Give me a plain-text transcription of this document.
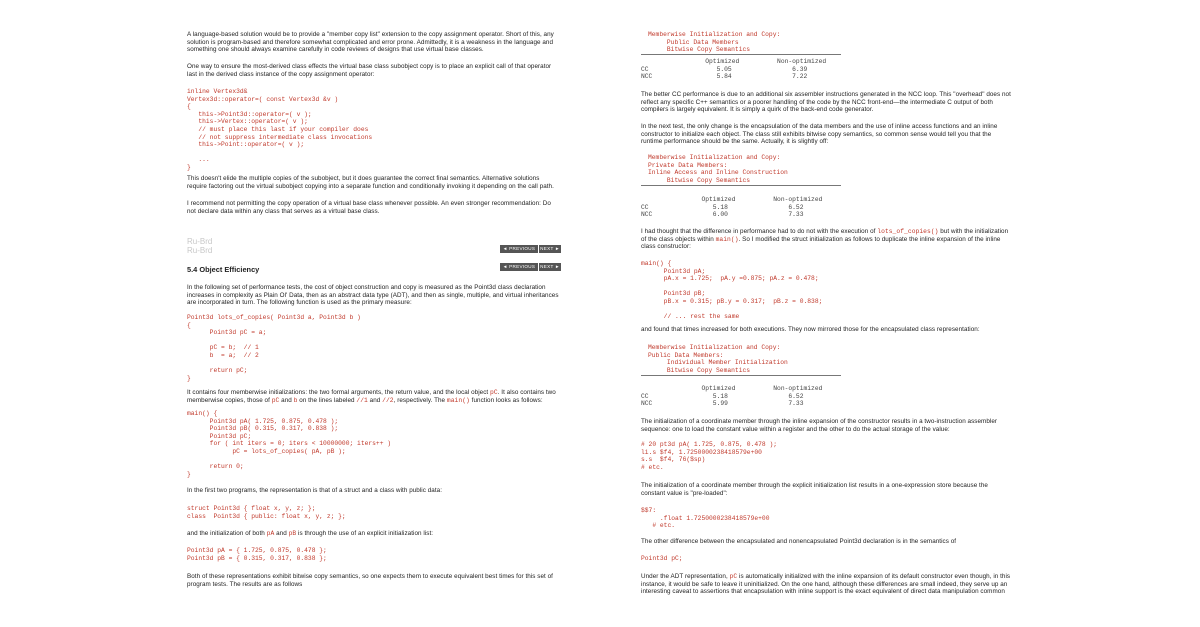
A language-based solution would be to provide a "member copy list" extension to the copy assignment operator. Short of this, any solution is program-based and therefore somewhat complicated and error prone. Admittedly, it is a weakness in the language and something one should always examine carefully in code reviews of designs that use virtual base classes.

One way to ensure the most-derived class effects the virtual base class subobject copy is to place an explicit call of that operator last in the derived class instance of the copy assignment operator:

inline Vertex3d&
Vertex3d::operator=( const Vertex3d &v )
{
this->Point3d::operator=( v );
this->Vertex::operator=( v );
// must place this last if your compiler does
// not suppress intermediate class invocations
this->Point::operator=( v );

...
}

This doesn't elide the multiple copies of the subobject, but it does guarantee the correct final semantics. Alternative solutions require factoring out the virtual subobject copying into a separate function and conditionally invoking it depending on the call path.

I recommend not permitting the copy operation of a virtual base class whenever possible. An even stronger recommendation: Do not declare data within any class that serves as a virtual base class.

Ru-Brd
Ru-Brd	◄ PREVIOUS NEXT ►
◄ PREVIOUS NEXT ►
5.4 Object Efficiency

In the following set of performance tests, the cost of object construction and copy is measured as the Point3d class declaration increases in complexity as Plain Ol' Data, then as an abstract data type (ADT), and then as single, multiple, and virtual inheritances are incorporated in turn. The following function is used as the primary measure:

Point3d lots_of_copies( Point3d a, Point3d b )
{
Point3d pC = a;

pC = b;  // 1
b  = a;  // 2

return pC;
}

It contains four memberwise initializations: the two formal arguments, the return value, and the local object pC. It also contains two memberwise copies, those of pC and b on the lines labeled //1 and //2, respectively. The main() function looks as follows:

main() {
Point3d pA( 1.725, 0.875, 0.478 );
Point3d pB( 0.315, 0.317, 0.838 );
Point3d pC;
for ( int iters = 0; iters < 10000000; iters++ )
pC = lots_of_copies( pA, pB );

return 0;
}

In the first two programs, the representation is that of a struct and a class with public data:

struct Point3d { float x, y, z; };
class  Point3d { public: float x, y, z; };

and the initialization of both pA and pB is through the use of an explicit initialization list:

Point3d pA = { 1.725, 0.875, 0.478 };
Point3d pB = { 0.315, 0.317, 0.838 };

Both of these representations exhibit bitwise copy semantics, so one expects them to execute equivalent best times for this set of program tests. The results are as follows

Memberwise Initialization and Copy:
Public Data Members
Bitwise Copy Semantics
Optimized          Non-optimized
CC                  5.05                6.39
NCC                 5.84                7.22

The better CC performance is due to an additional six assembler instructions generated in the NCC loop. This "overhead" does not reflect any specific C++ semantics or a poorer handling of the code by the NCC front-end—the intermediate C output of both compilers is largely equivalent. It is simply a quirk of the back-end code generator.

In the next test, the only change is the encapsulation of the data members and the use of inline access functions and an inline constructor to initialize each object. The class still exhibits bitwise copy semantics, so common sense would tell you that the runtime performance should be the same. Actually, it is slightly off:

Memberwise Initialization and Copy:
Private Data Members:
Inline Access and Inline Construction
Bitwise Copy Semantics
Optimized          Non-optimized
CC                 5.18                6.52
NCC                6.00                7.33

I had thought that the difference in performance had to do not with the execution of lots_of_copies() but with the initialization of the class objects within main(). So I modified the struct initialization as follows to duplicate the inline expansion of the inline class constructor:

main() {
Point3d pA;
pA.x = 1.725;  pA.y =0.875; pA.z = 0.478;

Point3d pB;
pB.x = 0.315; pB.y = 0.317;  pB.z = 0.838;

// ... rest the same

and found that times increased for both executions. They now mirrored those for the encapsulated class representation:

Memberwise Initialization and Copy:
Public Data Members:
Individual Member Initialization
Bitwise Copy Semantics
Optimized          Non-optimized
CC                 5.18                6.52
NCC                5.99                7.33

The initialization of a coordinate member through the inline expansion of the constructor results in a two-instruction assembler sequence: one to load the constant value within a register and the other to do the actual storage of the value:

# 20 pt3d pA( 1.725, 0.875, 0.478 );
li.s $f4, 1.7250000238418579e+00
s.s  $f4, 76($sp)
# etc.

The initialization of a coordinate member through the explicit initialization list results in a one-expression store because the constant value is "pre-loaded":

$$7:
.float 1.7250000238418579e+00
# etc.

The other difference between the encapsulated and nonencapsulated Point3d declaration is in the semantics of

Point3d pC;

Under the ADT representation, pC is automatically initialized with the inline expansion of its default constructor even though, in this instance, it would be safe to leave it uninitialized. On the one hand, although these differences are small indeed, they serve up an interesting caveat to assertions that encapsulation with inline support is the exact equivalent of direct data manipulation common
